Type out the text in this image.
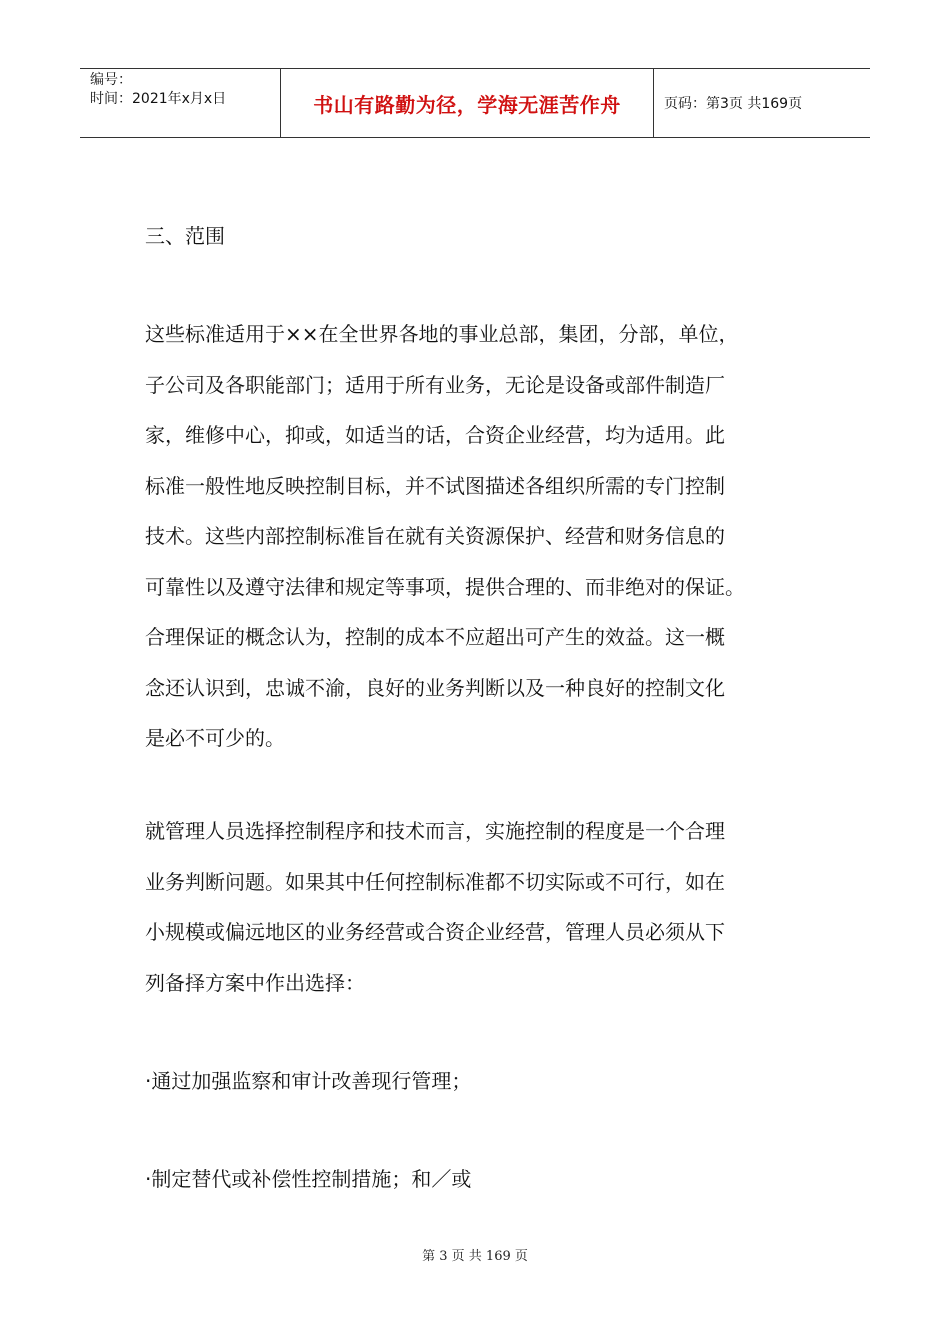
编号：
时间：2021年x月x日	书山有路勤为径，学海无涯苦作舟	页码：第3页 共169页
三、范围
这些标准适用于××在全世界各地的事业总部，集团，分部，单位，
子公司及各职能部门；适用于所有业务，无论是设备或部件制造厂
家，维修中心，抑或，如适当的话，合资企业经营，均为适用。此
标准一般性地反映控制目标，并不试图描述各组织所需的专门控制
技术。这些内部控制标准旨在就有关资源保护、经营和财务信息的
可靠性以及遵守法律和规定等事项，提供合理的、而非绝对的保证。
合理保证的概念认为，控制的成本不应超出可产生的效益。这一概
念还认识到，忠诚不渝，良好的业务判断以及一种良好的控制文化
是必不可少的。
就管理人员选择控制程序和技术而言，实施控制的程度是一个合理
业务判断问题。如果其中任何控制标准都不切实际或不可行，如在
小规模或偏远地区的业务经营或合资企业经营，管理人员必须从下
列备择方案中作出选择：
·通过加强监察和审计改善现行管理；
·制定替代或补偿性控制措施；和／或
第 3 页 共 169 页
